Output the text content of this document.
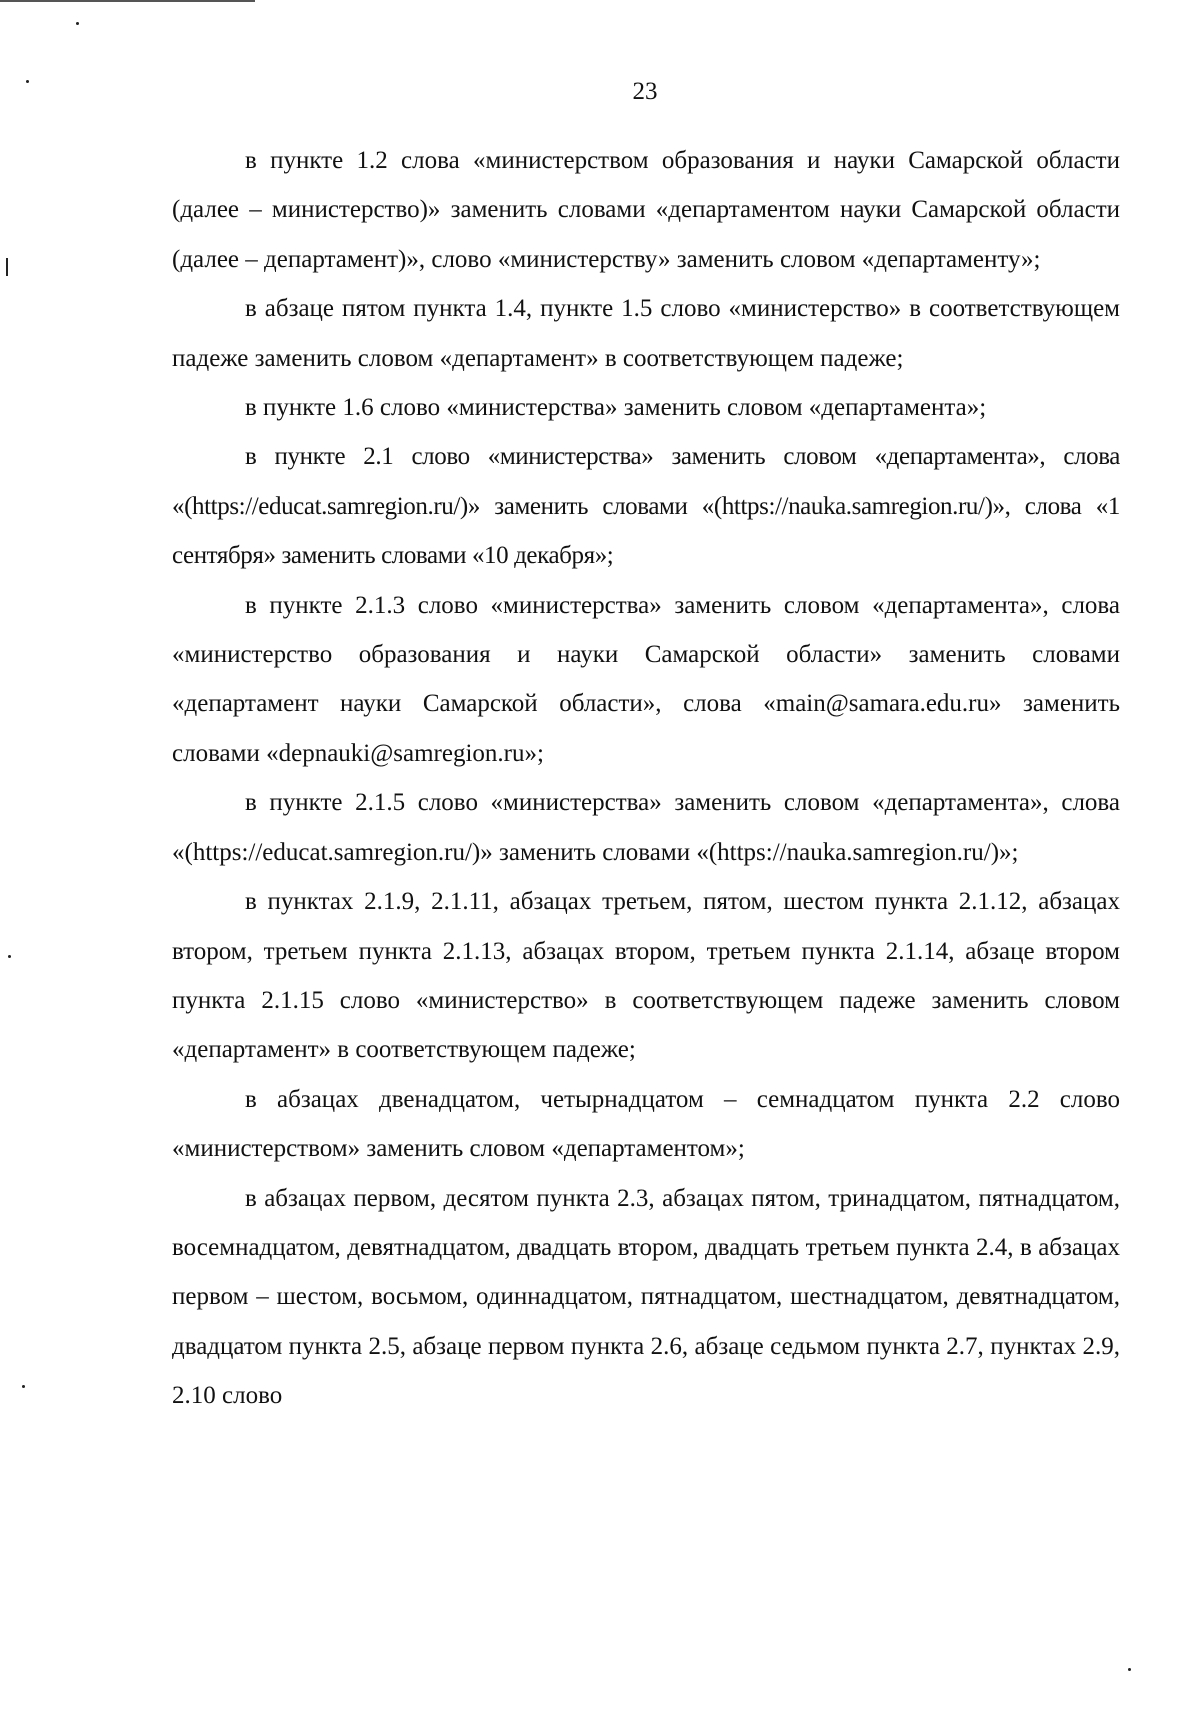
23

в пункте 1.2 слова «министерством образования и науки Самарской области (далее – министерство)» заменить словами «департаментом науки Самарской области (далее – департамент)», слово «министерству» заменить словом «департаменту»;

в абзаце пятом пункта 1.4, пункте 1.5 слово «министерство» в соответствующем падеже заменить словом «департамент» в соответствующем падеже;

в пункте 1.6 слово «министерства» заменить словом «департамента»;

в пункте 2.1 слово «министерства» заменить словом «департамента», слова «(https://educat.samregion.ru/)» заменить словами «(https://nauka.samregion.ru/)», слова «1 сентября» заменить словами «10 декабря»;

в пункте 2.1.3 слово «министерства» заменить словом «департамента», слова «министерство образования и науки Самарской области» заменить словами «департамент науки Самарской области», слова «main@samara.edu.ru» заменить словами «depnauki@samregion.ru»;

в пункте 2.1.5 слово «министерства» заменить словом «департамента», слова «(https://educat.samregion.ru/)» заменить словами «(https://nauka.samregion.ru/)»;

в пунктах 2.1.9, 2.1.11, абзацах третьем, пятом, шестом пункта 2.1.12, абзацах втором, третьем пункта 2.1.13, абзацах втором, третьем пункта 2.1.14, абзаце втором пункта 2.1.15 слово «министерство» в соответствующем падеже заменить словом «департамент» в соответствующем падеже;

в абзацах двенадцатом, четырнадцатом – семнадцатом пункта 2.2 слово «министерством» заменить словом «департаментом»;

в абзацах первом, десятом пункта 2.3, абзацах пятом, тринадцатом, пятнадцатом, восемнадцатом, девятнадцатом, двадцать втором, двадцать третьем пункта 2.4, в абзацах первом – шестом, восьмом, одиннадцатом, пятнадцатом, шестнадцатом, девятнадцатом, двадцатом пункта 2.5, абзаце первом пункта 2.6, абзаце седьмом пункта 2.7, пунктах 2.9, 2.10 слово
